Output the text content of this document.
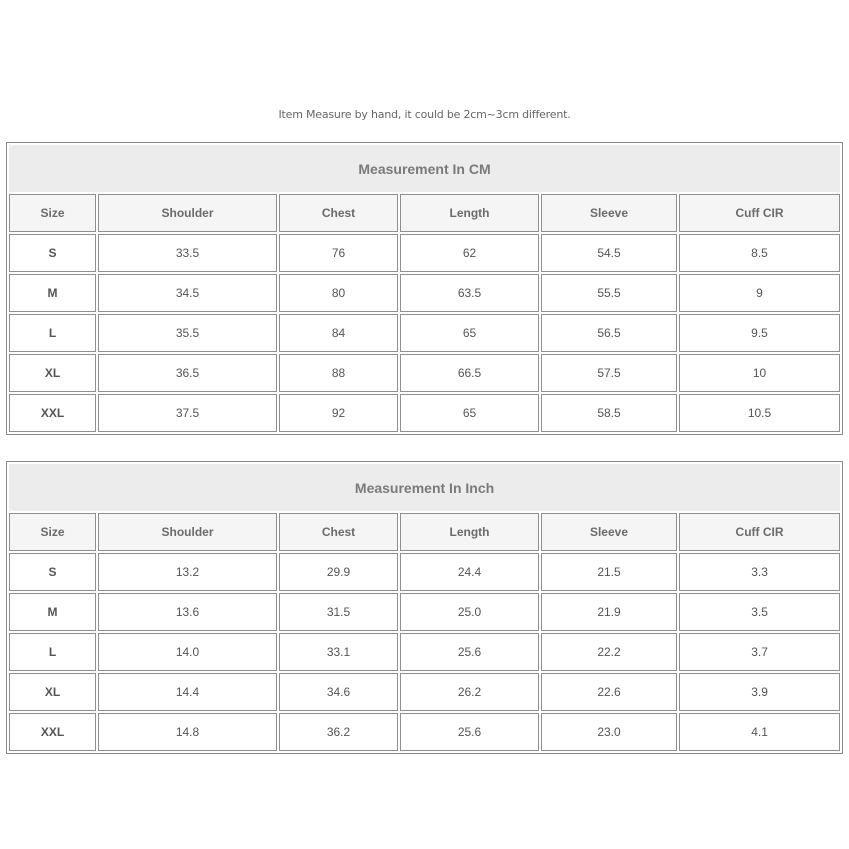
Item Measure by hand, it could be 2cm~3cm different.
Measurement In CM					
Size	Shoulder	Chest	Length	Sleeve	Cuff CIR
S	33.5	76	62	54.5	8.5
M	34.5	80	63.5	55.5	9
L	35.5	84	65	56.5	9.5
XL	36.5	88	66.5	57.5	10
XXL	37.5	92	65	58.5	10.5
Measurement In Inch					
Size	Shoulder	Chest	Length	Sleeve	Cuff CIR
S	13.2	29.9	24.4	21.5	3.3
M	13.6	31.5	25.0	21.9	3.5
L	14.0	33.1	25.6	22.2	3.7
XL	14.4	34.6	26.2	22.6	3.9
XXL	14.8	36.2	25.6	23.0	4.1
